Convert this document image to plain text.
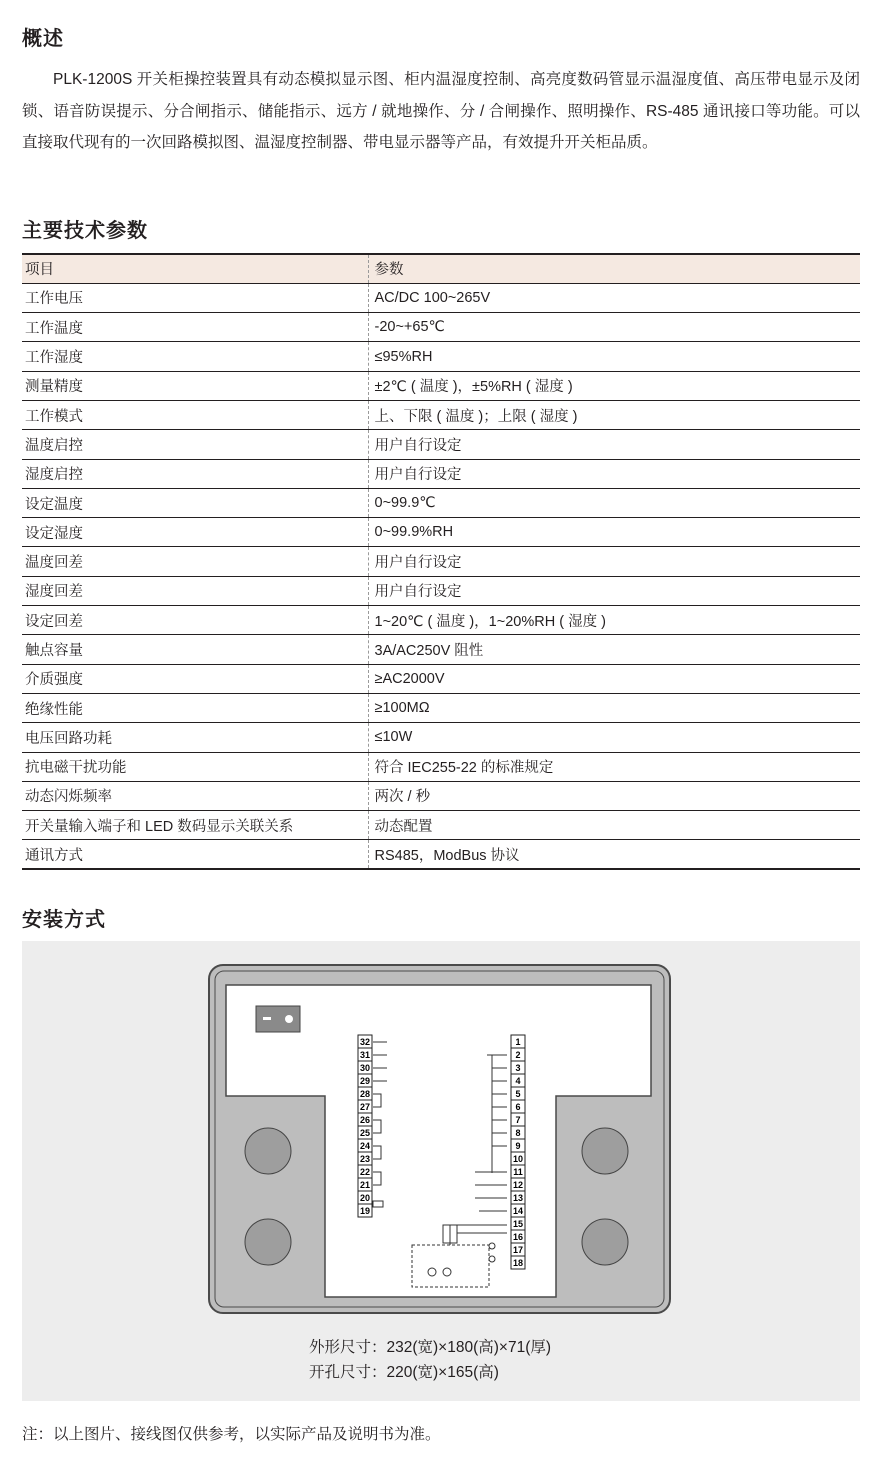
概述

PLK-1200S 开关柜操控装置具有动态模拟显示图、柜内温湿度控制、高亮度数码管显示温湿度值、高压带电显示及闭锁、语音防误提示、分合闸指示、储能指示、远方 / 就地操作、分 / 合闸操作、照明操作、RS-485 通讯接口等功能。可以直接取代现有的一次回路模拟图、温湿度控制器、带电显示器等产品，有效提升开关柜品质。

主要技术参数
项目	参数
工作电压	AC/DC 100~265V
工作温度	-20~+65℃
工作湿度	≤95%RH
测量精度	±2℃ ( 温度 )，±5%RH ( 湿度 )
工作模式	上、下限 ( 温度 )；上限 ( 湿度 )
温度启控	用户自行设定
湿度启控	用户自行设定
设定温度	0~99.9℃
设定湿度	0~99.9%RH
温度回差	用户自行设定
湿度回差	用户自行设定
设定回差	1~20℃ ( 温度 )，1~20%RH ( 湿度 )
触点容量	3A/AC250V 阻性
介质强度	≥AC2000V
绝缘性能	≥100MΩ
电压回路功耗	≤10W
抗电磁干扰功能	符合 IEC255-22 的标准规定
动态闪烁频率	两次 / 秒
开关量输入端子和 LED 数码显示关联关系	动态配置
通讯方式	RS485，ModBus 协议
安装方式
32
31
30
29
28
27
26
25
24
23
22
21
20
19
1
2
3
4
5
6
7
8
9
10
11
12
13
14
15
16
17
18
外形尺寸：232(宽)×180(高)×71(厚)
开孔尺寸：220(宽)×165(高)
注：以上图片、接线图仅供参考，以实际产品及说明书为准。
